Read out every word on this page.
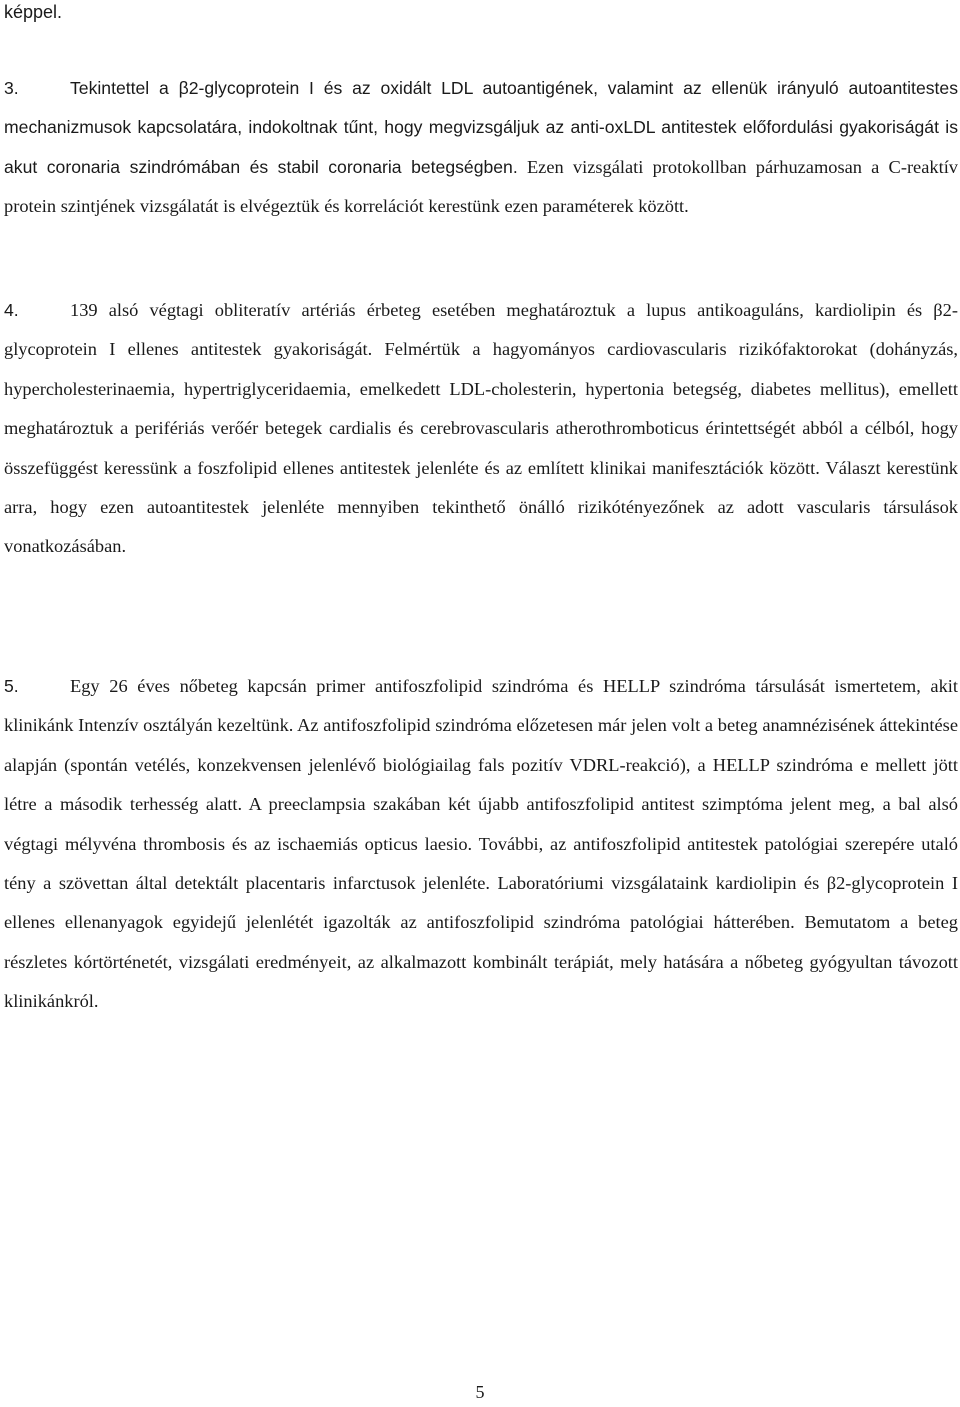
képpel.

3.	Tekintettel a β2-glycoprotein I és az oxidált LDL autoantigének, valamint az ellenük irányuló autoantitestes mechanizmusok kapcsolatára, indokoltnak tűnt, hogy megvizsgáljuk az anti-oxLDL antitestek előfordulási gyakoriságát is akut coronaria szindrómában és stabil coronaria betegségben. Ezen vizsgálati protokollban párhuzamosan a C-reaktív protein szintjének vizsgálatát is elvégeztük és korrelációt kerestünk ezen paraméterek között.

4.	139 alsó végtagi obliteratív artériás érbeteg esetében meghatároztuk a lupus antikoaguláns, kardiolipin és β2-glycoprotein I ellenes antitestek gyakoriságát. Felmértük a hagyományos cardiovascularis rizikófaktorokat (dohányzás, hypercholesterinaemia, hypertriglyceridaemia, emelkedett LDL-cholesterin, hypertonia betegség, diabetes mellitus), emellett meghatároztuk a perifériás verőér betegek cardialis és cerebrovascularis atherothromboticus érintettségét abból a célból, hogy összefüggést keressünk a foszfolipid ellenes antitestek jelenléte és az említett klinikai manifesztációk között. Választ kerestünk arra, hogy ezen autoantitestek jelenléte mennyiben tekinthető önálló rizikótényezőnek az adott vascularis társulások vonatkozásában.

5.	Egy 26 éves nőbeteg kapcsán primer antifoszfolipid szindróma és HELLP szindróma társulását ismertetem, akit klinikánk Intenzív osztályán kezeltünk. Az antifoszfolipid szindróma előzetesen már jelen volt a beteg anamnézisének áttekintése alapján (spontán vetélés, konzekvensen jelenlévő biológiailag fals pozitív VDRL-reakció), a HELLP szindróma e mellett jött létre a második terhesség alatt. A preeclampsia szakában két újabb antifoszfolipid antitest szimptóma jelent meg, a bal alsó végtagi mélyvéna thrombosis és az ischaemiás opticus laesio. További, az antifoszfolipid antitestek patológiai szerepére utaló tény a szövettan által detektált placentaris infarctusok jelenléte. Laboratóriumi vizsgálataink kardiolipin és β2-glycoprotein I ellenes ellenanyagok egyidejű jelenlétét igazolták az antifoszfolipid szindróma patológiai hátterében. Bemutatom a beteg részletes kórtörténetét, vizsgálati eredményeit, az alkalmazott kombinált terápiát, mely hatására a nőbeteg gyógyultan távozott klinikánkról.

5
